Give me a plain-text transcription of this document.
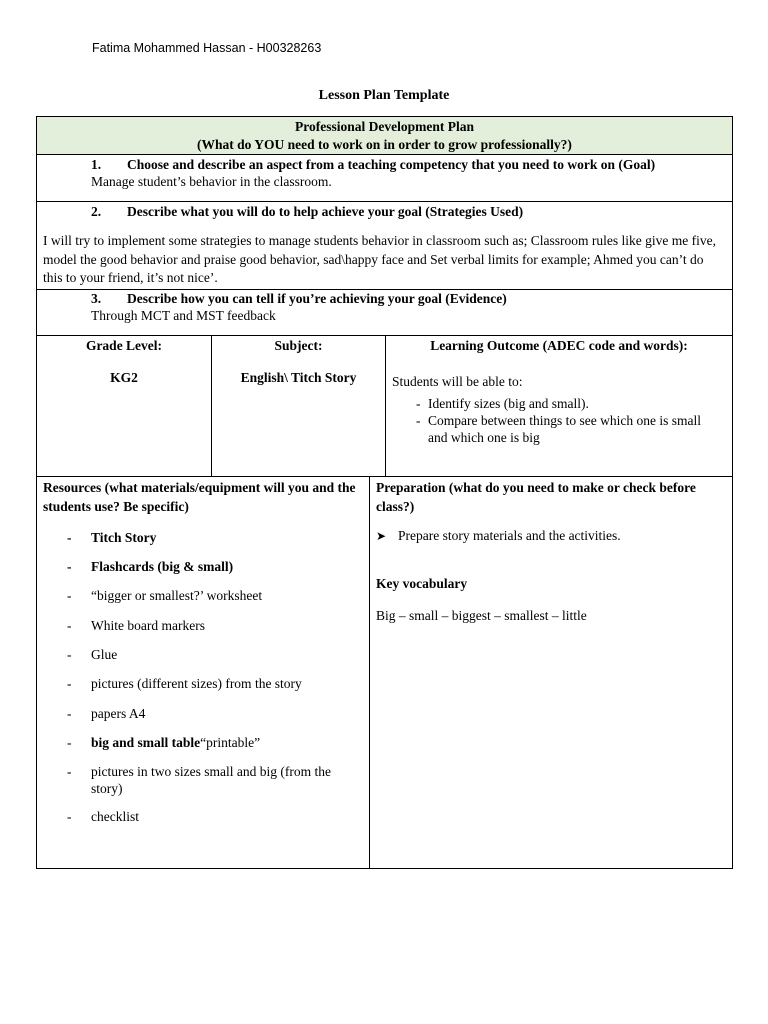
Fatima Mohammed Hassan - H00328263
Lesson Plan Template
Professional Development Plan
(What do YOU need to work on in order to grow professionally?)
1. Choose and describe an aspect from a teaching competency that you need to work on (Goal)
Manage student’s behavior in the classroom.
2. Describe what you will do to help achieve your goal (Strategies Used)
I will try to implement some strategies to manage students behavior in classroom such as; Classroom rules like give me five, model the good behavior and praise good behavior, sad\happy face and Set verbal limits for example; Ahmed you can’t do this to your friend, it’s not nice’.
3. Describe how you can tell if you’re achieving your goal (Evidence)
Through MCT and MST feedback
Grade Level:
KG2
Subject:
English\ Titch Story
Learning Outcome (ADEC code and words):
Students will be able to:
- Identify sizes (big and small).
- Compare between things to see which one is small and which one is big
Resources (what materials/equipment will you and the students use? Be specific)
- Titch Story
- Flashcards (big & small)
- “bigger or smallest?’ worksheet
- White board markers
- Glue
- pictures (different sizes) from the story
- papers A4
- big and small table“printable”
- pictures in two sizes small and big (from the story)
- checklist
Preparation (what do you need to make or check before class?)
➤ Prepare story materials and the activities.
Key vocabulary
Big – small – biggest – smallest – little
